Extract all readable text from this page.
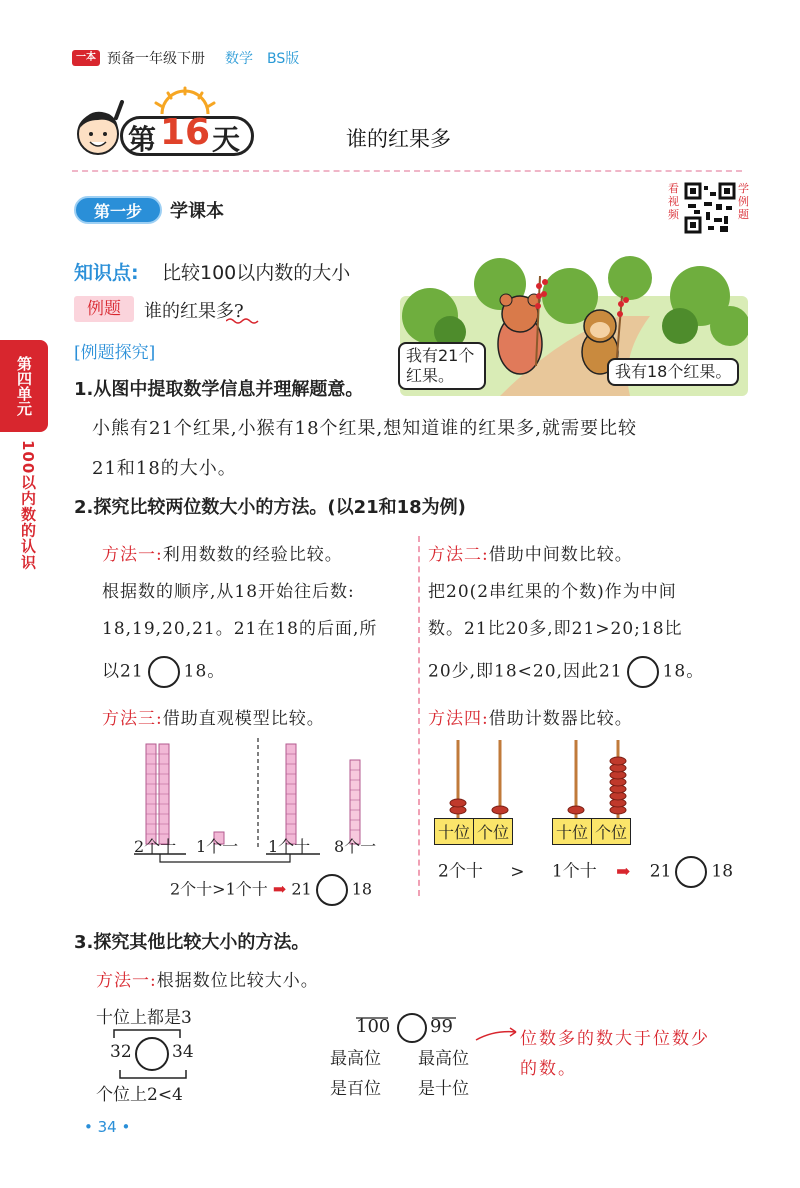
一本 预备一年级下册 数学 BS版
第 16 天	谁的红果多
第一步	学课本
看视频
学例题
第四单元
100以内数的认识
知识点: 比较100以内数的大小
例题	谁的红果多?
[例题探究]	我有21个红果。	我有18个红果。
1.从图中提取数学信息并理解题意。
小熊有21个红果,小猴有18个红果,想知道谁的红果多,就需要比较
21和18的大小。
2.探究比较两位数大小的方法。(以21和18为例)
方法一:利用数数的经验比较。
根据数的顺序,从18开始往后数:
18,19,20,21。21在18的后面,所
以21 18。
方法二:借助中间数比较。
把20(2串红果的个数)作为中间
数。21比20多,即21>20;18比
20少,即18<20,因此21 18。
方法三:借助直观模型比较。
2个十 1个一 1个十 8个一
2个十>1个十 ➡ 21	18
方法四:借助计数器比较。
十位 个位	十位 个位
2个十 > 1个十 ➡ 21 18
3.探究其他比较大小的方法。
方法一:根据数位比较大小。
十位上都是3
32 34
个位上2<4
100 99
最高位 最高位
是百位 是十位
位数多的数大于位数少
的数。
• 34 •
